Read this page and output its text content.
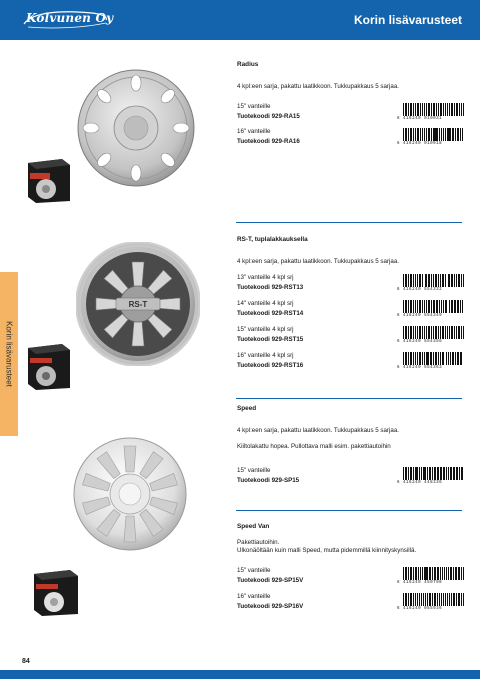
Kolvunen Oy	Korin lisävarusteet
Korin lisävarusteet
RS-T
Radius
4 kpl:een sarja, pakattu laatikkoon. Tukkupakkaus 5 sarjaa.
15" vanteille
Tuotekoodi 929-RA15	6 416240 010031
16" vanteille
Tuotekoodi 929-RA16	6 416240 010918
RS-T, tuplalakkauksella
4 kpl:een sarja, pakattu laatikkoon. Tukkupakkaus 5 sarjaa.
13" vanteille 4 kpl srj
Tuotekoodi 929-RST13	6 416240 554332
14" vanteille 4 kpl srj
Tuotekoodi 929-RST14	6 416240 554349
15" vanteille 4 kpl srj
Tuotekoodi 929-RST15	6 416240 554356
16" vanteille 4 kpl srj
Tuotekoodi 929-RST16	6 416240 554363
Speed
4 kpl:een sarja, pakattu laatikkoon. Tukkupakkaus 5 sarjaa.
Kiiltolakattu hopea. Pullottava malli esim. pakettiautoihin
15" vanteille
Tuotekoodi 929-SP15	6 416240 448336
Speed Van
Pakettiautoihin.
Ulkonäöltään kuin malli Speed, mutta pidemmillä kiinnityskynsillä.
15" vanteille
Tuotekoodi 929-SP15V	6 416240 450798
16" vanteille
Tuotekoodi 929-SP16V	6 416240 055936
84
